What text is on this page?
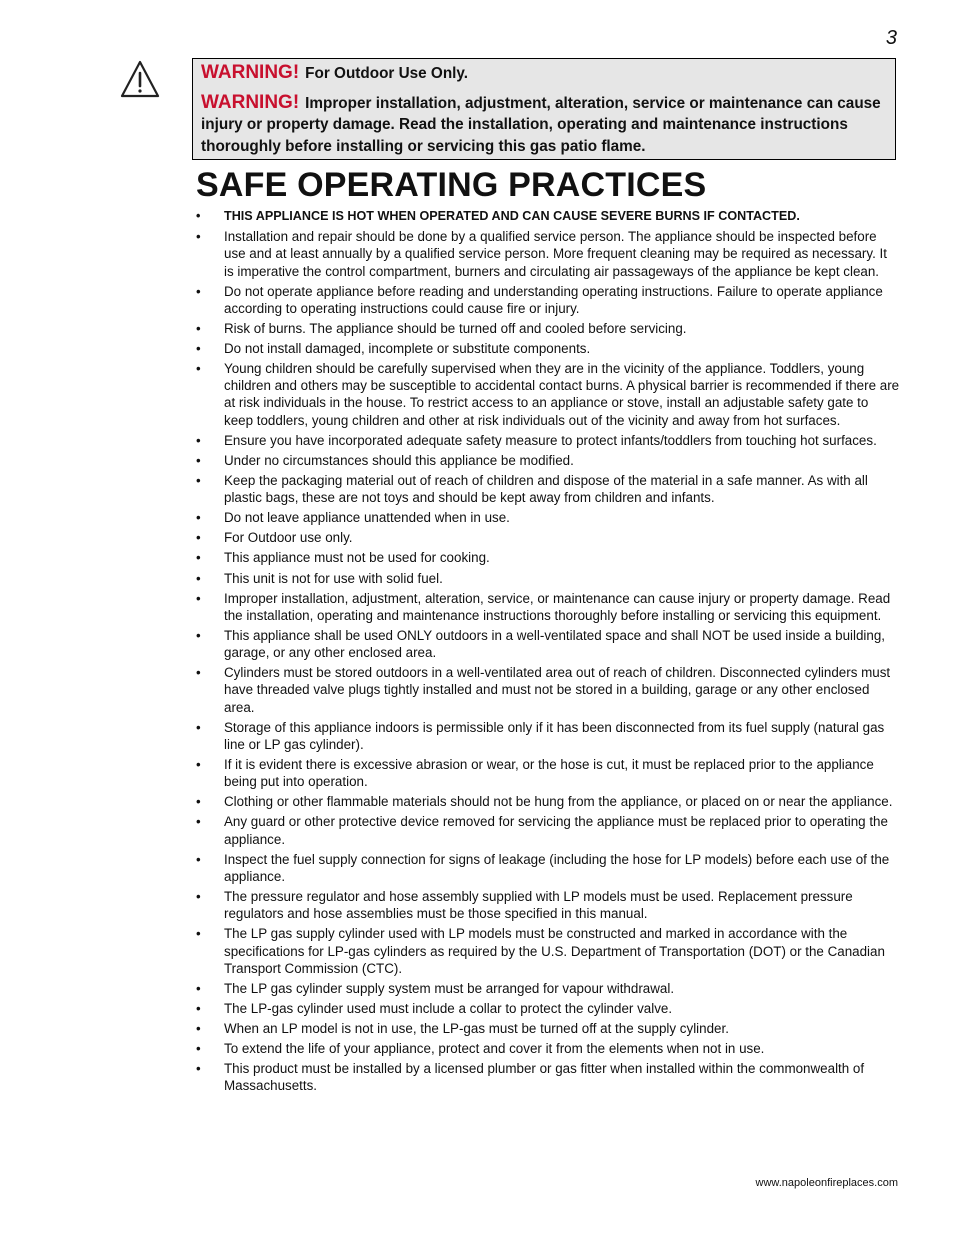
3
WARNING! For Outdoor Use Only.
WARNING! Improper installation, adjustment, alteration, service or maintenance can cause injury or property damage. Read the installation, operating and maintenance instructions thoroughly before installing or servicing this gas patio flame.
SAFE OPERATING PRACTICES
• THIS APPLIANCE IS HOT WHEN OPERATED AND CAN CAUSE SEVERE BURNS IF CONTACTED.
• Installation and repair should be done by a qualified service person. The appliance should be inspected before use and at least annually by a qualified service person. More frequent cleaning may be required as necessary. It is imperative the control compartment, burners and circulating air passageways of the appliance be kept clean.
• Do not operate appliance before reading and understanding operating instructions. Failure to operate appliance according to operating instructions could cause fire or injury.
• Risk of burns. The appliance should be turned off and cooled before servicing.
• Do not install damaged, incomplete or substitute components.
• Young children should be carefully supervised when they are in the vicinity of the appliance. Toddlers, young children and others may be susceptible to accidental contact burns. A physical barrier is recommended if there are at risk individuals in the house. To restrict access to an appliance or stove, install an adjustable safety gate to keep toddlers, young children and other at risk individuals out of the vicinity and away from hot surfaces.
• Ensure you have incorporated adequate safety measure to protect infants/toddlers from touching hot surfaces.
• Under no circumstances should this appliance be modified.
• Keep the packaging material out of reach of children and dispose of the material in a safe manner. As with all plastic bags, these are not toys and should be kept away from children and infants.
• Do not leave appliance unattended when in use.
• For Outdoor use only.
• This appliance must not be used for cooking.
• This unit is not for use with solid fuel.
• Improper installation, adjustment, alteration, service, or maintenance can cause injury or property damage. Read the installation, operating and maintenance instructions thoroughly before installing or servicing this equipment.
• This appliance shall be used ONLY outdoors in a well-ventilated space and shall NOT be used inside a building, garage, or any other enclosed area.
• Cylinders must be stored outdoors in a well-ventilated area out of reach of children. Disconnected cylinders must have threaded valve plugs tightly installed and must not be stored in a building, garage or any other enclosed area.
• Storage of this appliance indoors is permissible only if it has been disconnected from its fuel supply (natural gas line or LP gas cylinder).
• If it is evident there is excessive abrasion or wear, or the hose is cut, it must be replaced prior to the appliance being put into operation.
• Clothing or other flammable materials should not be hung from the appliance, or placed on or near the appliance.
• Any guard or other protective device removed for servicing the appliance must be replaced prior to operating the appliance.
• Inspect the fuel supply connection for signs of leakage (including the hose for LP models) before each use of the appliance.
• The pressure regulator and hose assembly supplied with LP models must be used. Replacement pressure regulators and hose assemblies must be those specified in this manual.
• The LP gas supply cylinder used with LP models must be constructed and marked in accordance with the specifications for LP-gas cylinders as required by the U.S. Department of Transportation (DOT) or the Canadian Transport Commission (CTC).
• The LP gas cylinder supply system must be arranged for vapour withdrawal.
• The LP-gas cylinder used must include a collar to protect the cylinder valve.
• When an LP model is not in use, the LP-gas must be turned off at the supply cylinder.
• To extend the life of your appliance, protect and cover it from the elements when not in use.
• This product must be installed by a licensed plumber or gas fitter when installed within the commonwealth of Massachusetts.
www.napoleonfireplaces.com
